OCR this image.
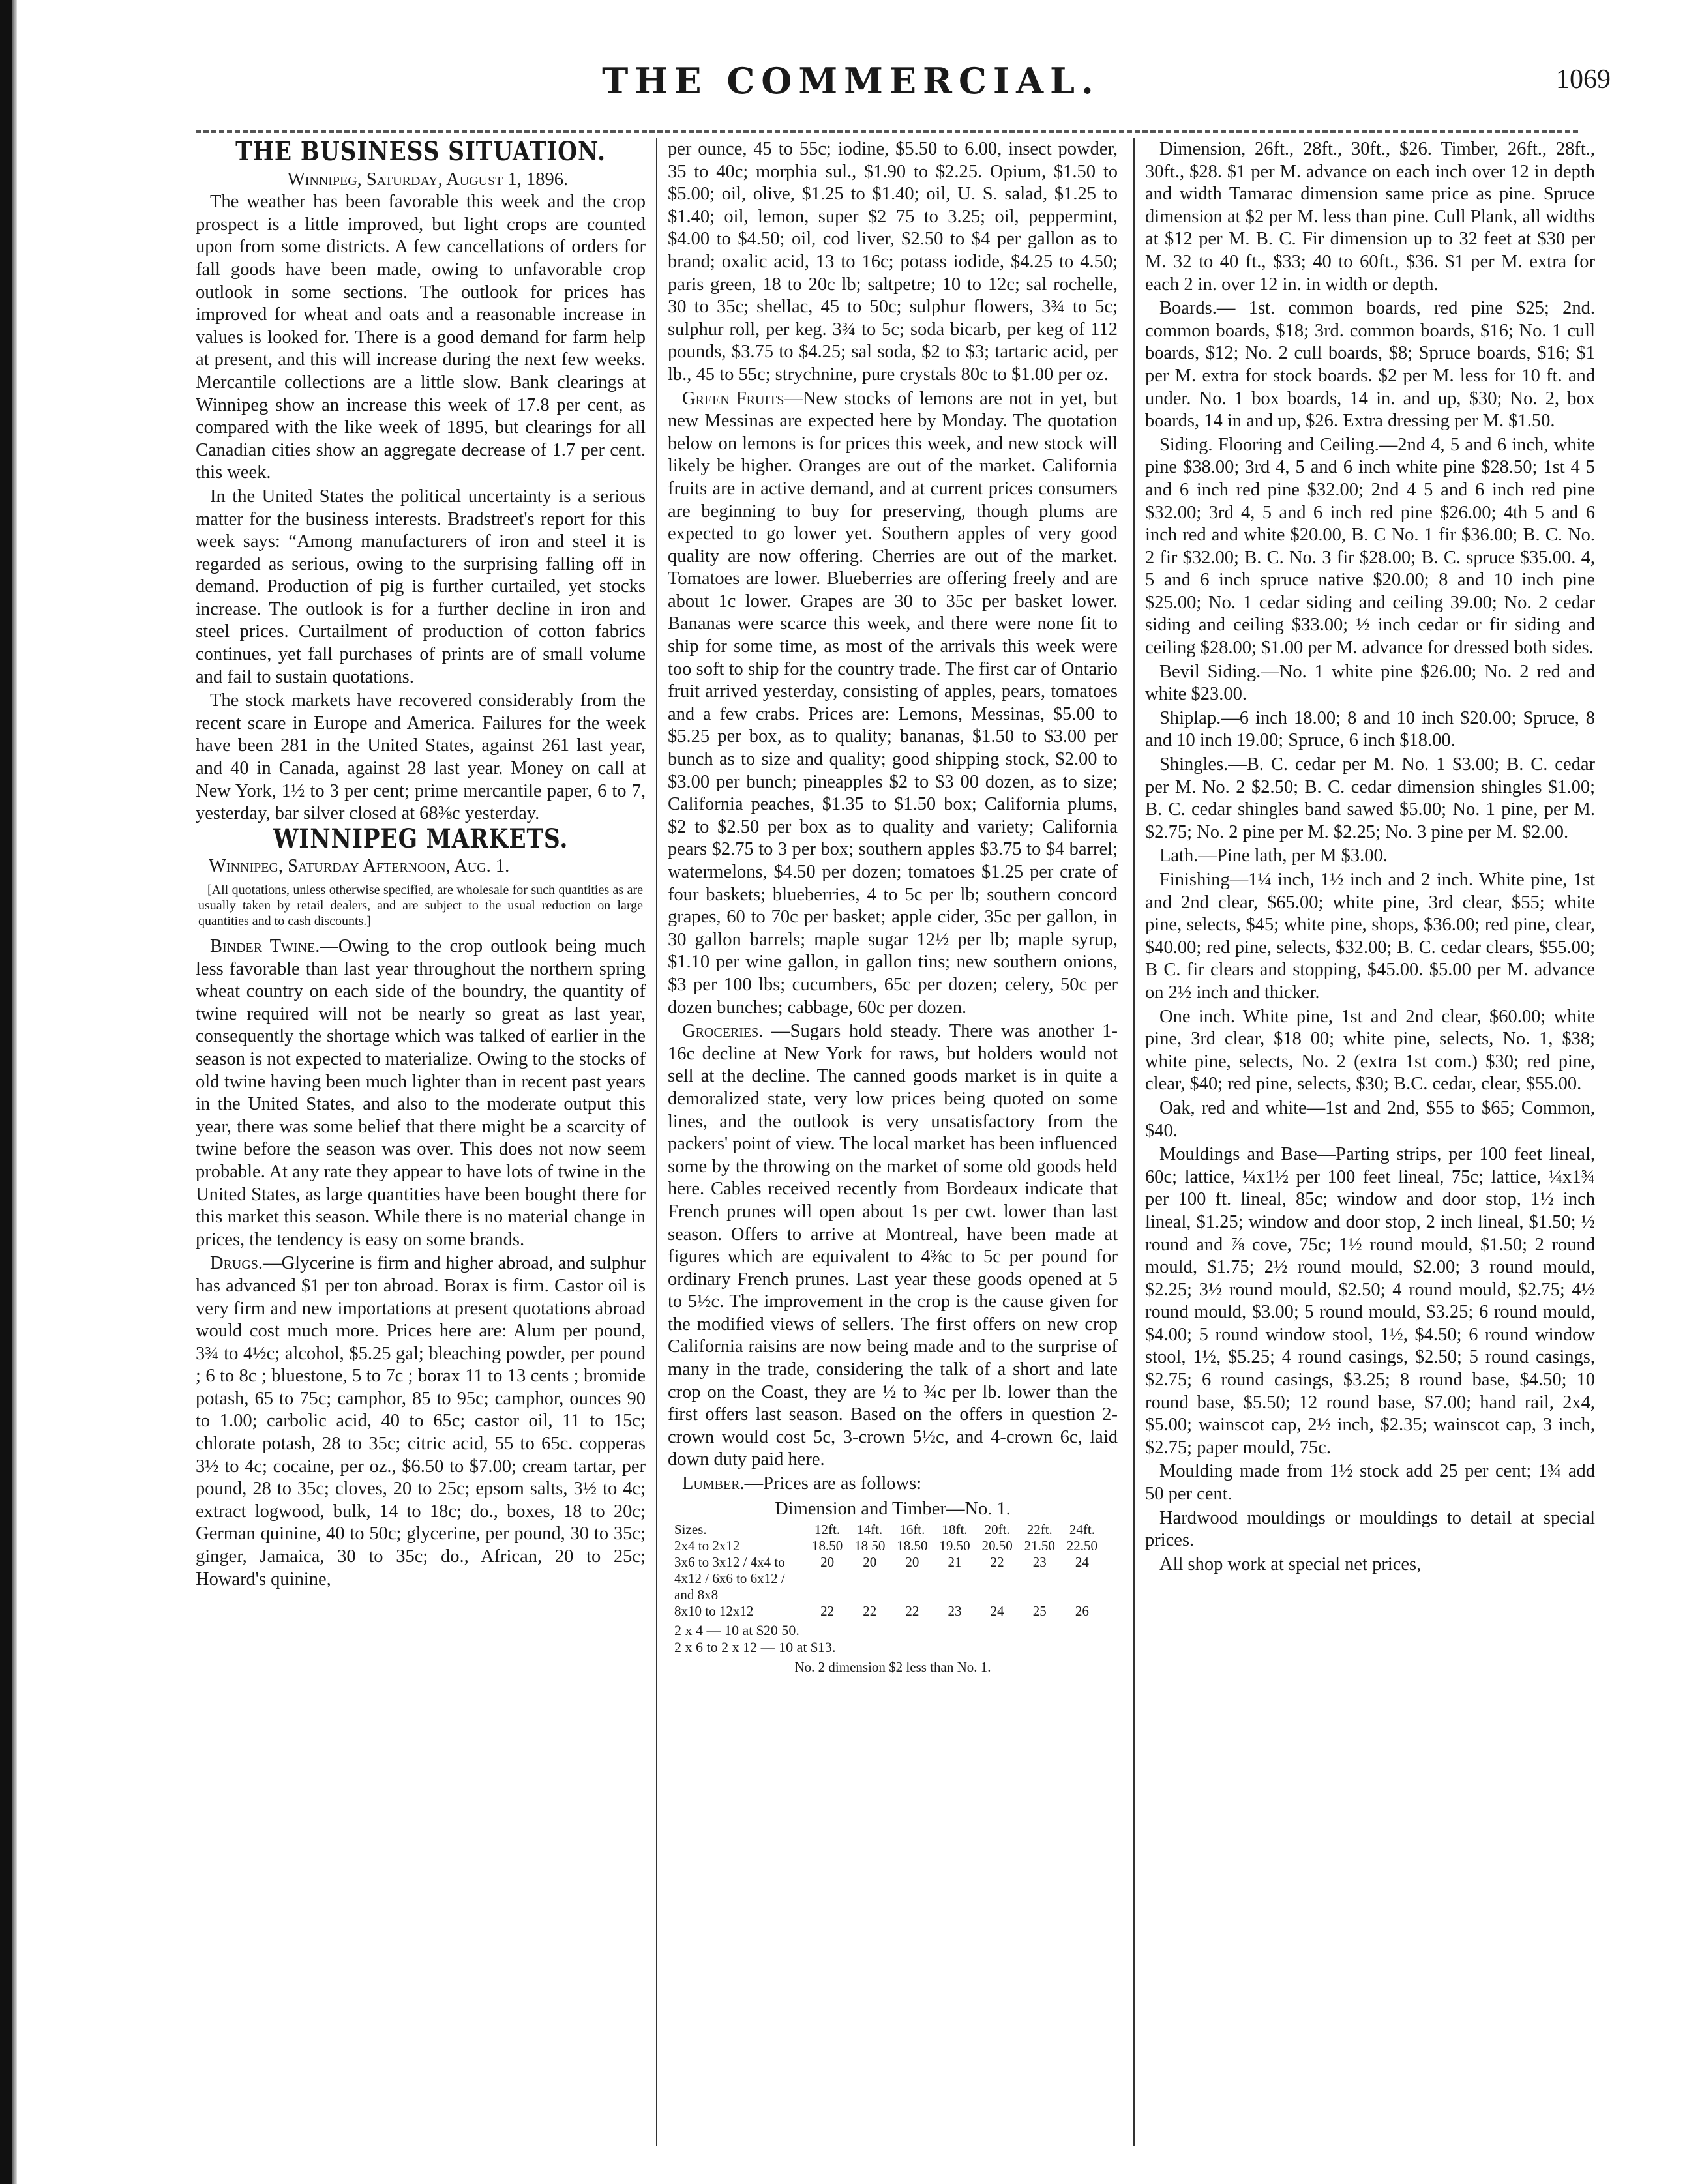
THE COMMERCIAL.	1069
THE BUSINESS SITUATION.

Winnipeg, Saturday, August 1, 1896.

The weather has been favorable this week and the crop prospect is a little improved, but light crops are counted upon from some districts. A few cancellations of orders for fall goods have been made, owing to unfavorable crop outlook in some sections. The outlook for prices has improved for wheat and oats and a reasonable increase in values is looked for. There is a good demand for farm help at present, and this will increase during the next few weeks. Mercantile collections are a little slow. Bank clearings at Winnipeg show an increase this week of 17.8 per cent, as compared with the like week of 1895, but clearings for all Canadian cities show an aggregate decrease of 1.7 per cent. this week.

In the United States the political uncertainty is a serious matter for the business interests. Bradstreet's report for this week says: “Among manufacturers of iron and steel it is regarded as serious, owing to the surprising falling off in demand. Production of pig is further curtailed, yet stocks increase. The outlook is for a further decline in iron and steel prices. Curtailment of production of cotton fabrics continues, yet fall purchases of prints are of small volume and fail to sustain quotations.

The stock markets have recovered considerably from the recent scare in Europe and America. Failures for the week have been 281 in the United States, against 261 last year, and 40 in Canada, against 28 last year. Money on call at New York, 1½ to 3 per cent; prime mercantile paper, 6 to 7, yesterday, bar silver closed at 68⅜c yesterday.

WINNIPEG MARKETS.

Winnipeg, Saturday Afternoon, Aug. 1.

[All quotations, unless otherwise specified, are wholesale for such quantities as are usually taken by retail dealers, and are subject to the usual reduction on large quantities and to cash discounts.]

Binder Twine.—Owing to the crop outlook being much less favorable than last year throughout the northern spring wheat country on each side of the boundry, the quantity of twine required will not be nearly so great as last year, consequently the shortage which was talked of earlier in the season is not expected to materialize. Owing to the stocks of old twine having been much lighter than in recent past years in the United States, and also to the moderate output this year, there was some belief that there might be a scarcity of twine before the season was over. This does not now seem probable. At any rate they appear to have lots of twine in the United States, as large quantities have been bought there for this market this season. While there is no material change in prices, the tendency is easy on some brands.

Drugs.—Glycerine is firm and higher abroad, and sulphur has advanced $1 per ton abroad. Borax is firm. Castor oil is very firm and new importations at present quotations abroad would cost much more. Prices here are: Alum per pound, 3¾ to 4½c; alcohol, $5.25 gal; bleaching powder, per pound ; 6 to 8c ; bluestone, 5 to 7c ; borax 11 to 13 cents ; bromide potash, 65 to 75c; camphor, 85 to 95c; camphor, ounces 90 to 1.00; carbolic acid, 40 to 65c; castor oil, 11 to 15c; chlorate potash, 28 to 35c; citric acid, 55 to 65c. copperas 3½ to 4c; cocaine, per oz., $6.50 to $7.00; cream tartar, per pound, 28 to 35c; cloves, 20 to 25c; epsom salts, 3½ to 4c; extract logwood, bulk, 14 to 18c; do., boxes, 18 to 20c; German quinine, 40 to 50c; glycerine, per pound, 30 to 35c; ginger, Jamaica, 30 to 35c; do., African, 20 to 25c; Howard's quinine,

per ounce, 45 to 55c; iodine, $5.50 to 6.00, insect powder, 35 to 40c; morphia sul., $1.90 to $2.25. Opium, $1.50 to $5.00; oil, olive, $1.25 to $1.40; oil, U. S. salad, $1.25 to $1.40; oil, lemon, super $2 75 to 3.25; oil, peppermint, $4.00 to $4.50; oil, cod liver, $2.50 to $4 per gallon as to brand; oxalic acid, 13 to 16c; potass iodide, $4.25 to 4.50; paris green, 18 to 20c lb; saltpetre; 10 to 12c; sal rochelle, 30 to 35c; shellac, 45 to 50c; sulphur flowers, 3¾ to 5c; sulphur roll, per keg. 3¾ to 5c; soda bicarb, per keg of 112 pounds, $3.75 to $4.25; sal soda, $2 to $3; tartaric acid, per lb., 45 to 55c; strychnine, pure crystals 80c to $1.00 per oz.

Green Fruits—New stocks of lemons are not in yet, but new Messinas are expected here by Monday. The quotation below on lemons is for prices this week, and new stock will likely be higher. Oranges are out of the market. California fruits are in active demand, and at current prices consumers are beginning to buy for preserving, though plums are expected to go lower yet. Southern apples of very good quality are now offering. Cherries are out of the market. Tomatoes are lower. Blueberries are offering freely and are about 1c lower. Grapes are 30 to 35c per basket lower. Bananas were scarce this week, and there were none fit to ship for some time, as most of the arrivals this week were too soft to ship for the country trade. The first car of Ontario fruit arrived yesterday, consisting of apples, pears, tomatoes and a few crabs. Prices are: Lemons, Messinas, $5.00 to $5.25 per box, as to quality; bananas, $1.50 to $3.00 per bunch as to size and quality; good shipping stock, $2.00 to $3.00 per bunch; pineapples $2 to $3 00 dozen, as to size; California peaches, $1.35 to $1.50 box; California plums, $2 to $2.50 per box as to quality and variety; California pears $2.75 to 3 per box; southern apples $3.75 to $4 barrel; watermelons, $4.50 per dozen; tomatoes $1.25 per crate of four baskets; blueberries, 4 to 5c per lb; southern concord grapes, 60 to 70c per basket; apple cider, 35c per gallon, in 30 gallon barrels; maple sugar 12½ per lb; maple syrup, $1.10 per wine gallon, in gallon tins; new southern onions, $3 per 100 lbs; cucumbers, 65c per dozen; celery, 50c per dozen bunches; cabbage, 60c per dozen.

Groceries. —Sugars hold steady. There was another 1-16c decline at New York for raws, but holders would not sell at the decline. The canned goods market is in quite a demoralized state, very low prices being quoted on some lines, and the outlook is very unsatisfactory from the packers' point of view. The local market has been influenced some by the throwing on the market of some old goods held here. Cables received recently from Bordeaux indicate that French prunes will open about 1s per cwt. lower than last season. Offers to arrive at Montreal, have been made at figures which are equivalent to 4⅜c to 5c per pound for ordinary French prunes. Last year these goods opened at 5 to 5½c. The improvement in the crop is the cause given for the modified views of sellers. The first offers on new crop California raisins are now being made and to the surprise of many in the trade, considering the talk of a short and late crop on the Coast, they are ½ to ¾c per lb. lower than the first offers last season. Based on the offers in question 2-crown would cost 5c, 3-crown 5½c, and 4-crown 6c, laid down duty paid here.

Lumber.—Prices are as follows:

Dimension and Timber—No. 1.

Sizes.	12ft.	14ft.	16ft.	18ft.	20ft.	22ft.	24ft.
2x4 to 2x12	18.50	18 50	18.50	19.50	20.50	21.50	22.50
3x6 to 3x12 / 4x4 to 4x12 / 6x6 to 6x12 / and 8x8	20	20	20	21	22	23	24
8x10 to 12x12	22	22	22	23	24	25	26

2 x 4 — 10 at $20 50.

2 x 6 to 2 x 12 — 10 at $13.

No. 2 dimension $2 less than No. 1.

Dimension, 26ft., 28ft., 30ft., $26. Timber, 26ft., 28ft., 30ft., $28. $1 per M. advance on each inch over 12 in depth and width Tamarac dimension same price as pine. Spruce dimension at $2 per M. less than pine. Cull Plank, all widths at $12 per M. B. C. Fir dimension up to 32 feet at $30 per M. 32 to 40 ft., $33; 40 to 60ft., $36. $1 per M. extra for each 2 in. over 12 in. in width or depth.

Boards.— 1st. common boards, red pine $25; 2nd. common boards, $18; 3rd. common boards, $16; No. 1 cull boards, $12; No. 2 cull boards, $8; Spruce boards, $16; $1 per M. extra for stock boards. $2 per M. less for 10 ft. and under. No. 1 box boards, 14 in. and up, $30; No. 2, box boards, 14 in and up, $26. Extra dressing per M. $1.50.

Siding. Flooring and Ceiling.—2nd 4, 5 and 6 inch, white pine $38.00; 3rd 4, 5 and 6 inch white pine $28.50; 1st 4 5 and 6 inch red pine $32.00; 2nd 4 5 and 6 inch red pine $32.00; 3rd 4, 5 and 6 inch red pine $26.00; 4th 5 and 6 inch red and white $20.00, B. C No. 1 fir $36.00; B. C. No. 2 fir $32.00; B. C. No. 3 fir $28.00; B. C. spruce $35.00. 4, 5 and 6 inch spruce native $20.00; 8 and 10 inch pine $25.00; No. 1 cedar siding and ceiling 39.00; No. 2 cedar siding and ceiling $33.00; ½ inch cedar or fir siding and ceiling $28.00; $1.00 per M. advance for dressed both sides.

Bevil Siding.—No. 1 white pine $26.00; No. 2 red and white $23.00.

Shiplap.—6 inch 18.00; 8 and 10 inch $20.00; Spruce, 8 and 10 inch 19.00; Spruce, 6 inch $18.00.

Shingles.—B. C. cedar per M. No. 1 $3.00; B. C. cedar per M. No. 2 $2.50; B. C. cedar dimension shingles $1.00; B. C. cedar shingles band sawed $5.00; No. 1 pine, per M. $2.75; No. 2 pine per M. $2.25; No. 3 pine per M. $2.00.

Lath.—Pine lath, per M $3.00.

Finishing—1¼ inch, 1½ inch and 2 inch. White pine, 1st and 2nd clear, $65.00; white pine, 3rd clear, $55; white pine, selects, $45; white pine, shops, $36.00; red pine, clear, $40.00; red pine, selects, $32.00; B. C. cedar clears, $55.00; B C. fir clears and stopping, $45.00. $5.00 per M. advance on 2½ inch and thicker.

One inch. White pine, 1st and 2nd clear, $60.00; white pine, 3rd clear, $18 00; white pine, selects, No. 1, $38; white pine, selects, No. 2 (extra 1st com.) $30; red pine, clear, $40; red pine, selects, $30; B.C. cedar, clear, $55.00.

Oak, red and white—1st and 2nd, $55 to $65; Common, $40.

Mouldings and Base—Parting strips, per 100 feet lineal, 60c; lattice, ¼x1½ per 100 feet lineal, 75c; lattice, ¼x1¾ per 100 ft. lineal, 85c; window and door stop, 1½ inch lineal, $1.25; window and door stop, 2 inch lineal, $1.50; ½ round and ⅞ cove, 75c; 1½ round mould, $1.50; 2 round mould, $1.75; 2½ round mould, $2.00; 3 round mould, $2.25; 3½ round mould, $2.50; 4 round mould, $2.75; 4½ round mould, $3.00; 5 round mould, $3.25; 6 round mould, $4.00; 5 round window stool, 1½, $4.50; 6 round window stool, 1½, $5.25; 4 round casings, $2.50; 5 round casings, $2.75; 6 round casings, $3.25; 8 round base, $4.50; 10 round base, $5.50; 12 round base, $7.00; hand rail, 2x4, $5.00; wainscot cap, 2½ inch, $2.35; wainscot cap, 3 inch, $2.75; paper mould, 75c.

Moulding made from 1½ stock add 25 per cent; 1¾ add 50 per cent.

Hardwood mouldings or mouldings to detail at special prices.

All shop work at special net prices,
